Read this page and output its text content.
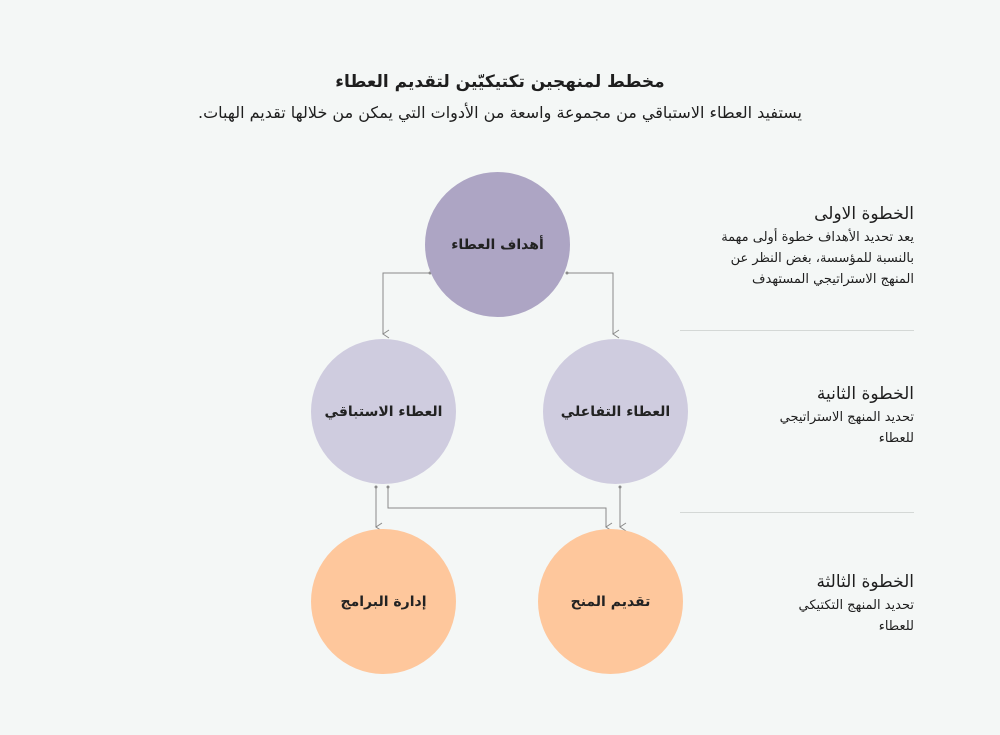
مخطط لمنهجين تكتيكيّين لتقديم العطاء

يستفيد العطاء الاستباقي من مجموعة واسعة من الأدوات التي يمكن من خلالها تقديم الهبات.

أهداف العطاء
العطاء الاستباقي	العطاء التفاعلي
إدارة البرامج	تقديم المنح
الخطوة الاولى
يعد تحديد الأهداف خطوة أولى مهمة
بالنسبة للمؤسسة، بغض النظر عن
المنهج الاستراتيجي المستهدف
الخطوة الثانية
تحديد المنهج الاستراتيجي
للعطاء
الخطوة الثالثة
تحديد المنهج التكتيكي
للعطاء
